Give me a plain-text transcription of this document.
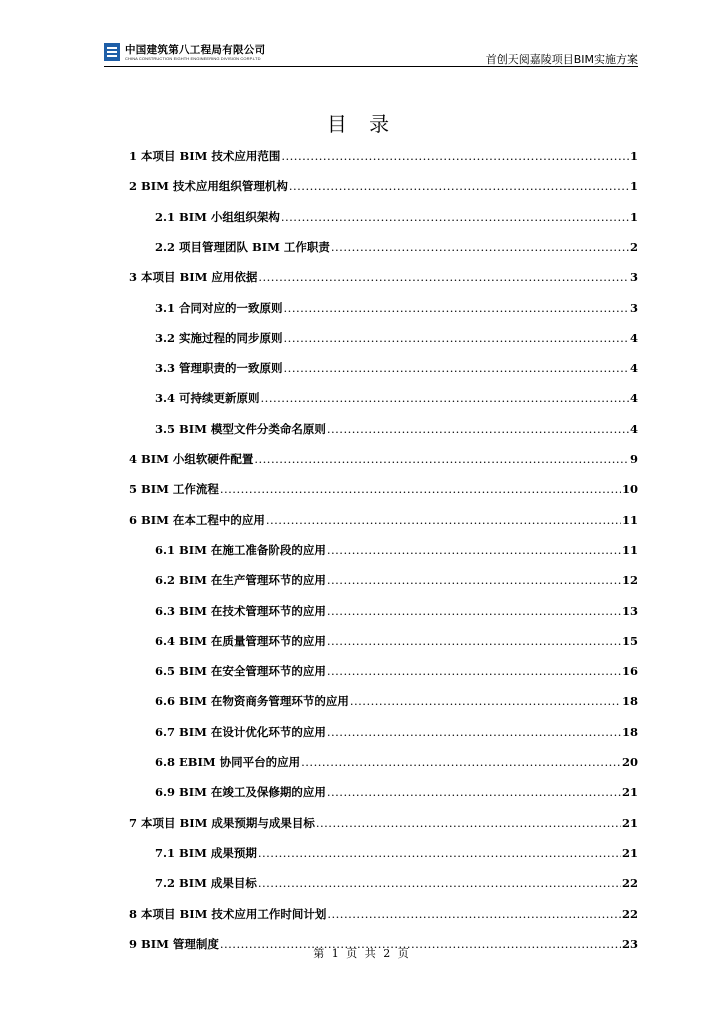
中国建筑第八工程局有限公司
CHINA CONSTRUCTION EIGHTH ENGINEERING DIVISION CORP.LTD	首创天阅嘉陵项目BIM实施方案
目 录
1 本项目 BIM 技术应用范围 .....	1
2 BIM 技术应用组织管理机构 .....	1
2.1 BIM 小组组织架构 .....	1
2.2 项目管理团队 BIM 工作职责 .....	2
3 本项目 BIM 应用依据 .....	3
3.1 合同对应的一致原则 .....	3
3.2 实施过程的同步原则 .....	4
3.3 管理职责的一致原则 .....	4
3.4 可持续更新原则 .....	4
3.5 BIM 模型文件分类命名原则 .....	4
4 BIM 小组软硬件配置 .....	9
5 BIM 工作流程 .....	10
6 BIM 在本工程中的应用 .....	11
6.1 BIM 在施工准备阶段的应用 .....	11
6.2 BIM 在生产管理环节的应用 .....	12
6.3 BIM 在技术管理环节的应用 .....	13
6.4 BIM 在质量管理环节的应用 .....	15
6.5 BIM 在安全管理环节的应用 .....	16
6.6 BIM 在物资商务管理环节的应用 .....	18
6.7 BIM 在设计优化环节的应用 .....	18
6.8 EBIM 协同平台的应用 .....	20
6.9 BIM 在竣工及保修期的应用 .....	21
7 本项目 BIM 成果预期与成果目标 .....	21
7.1 BIM 成果预期 .....	21
7.2 BIM 成果目标 .....	22
8 本项目 BIM 技术应用工作时间计划 .....	22
9 BIM 管理制度 .....	23
第 1 页 共 2 页
